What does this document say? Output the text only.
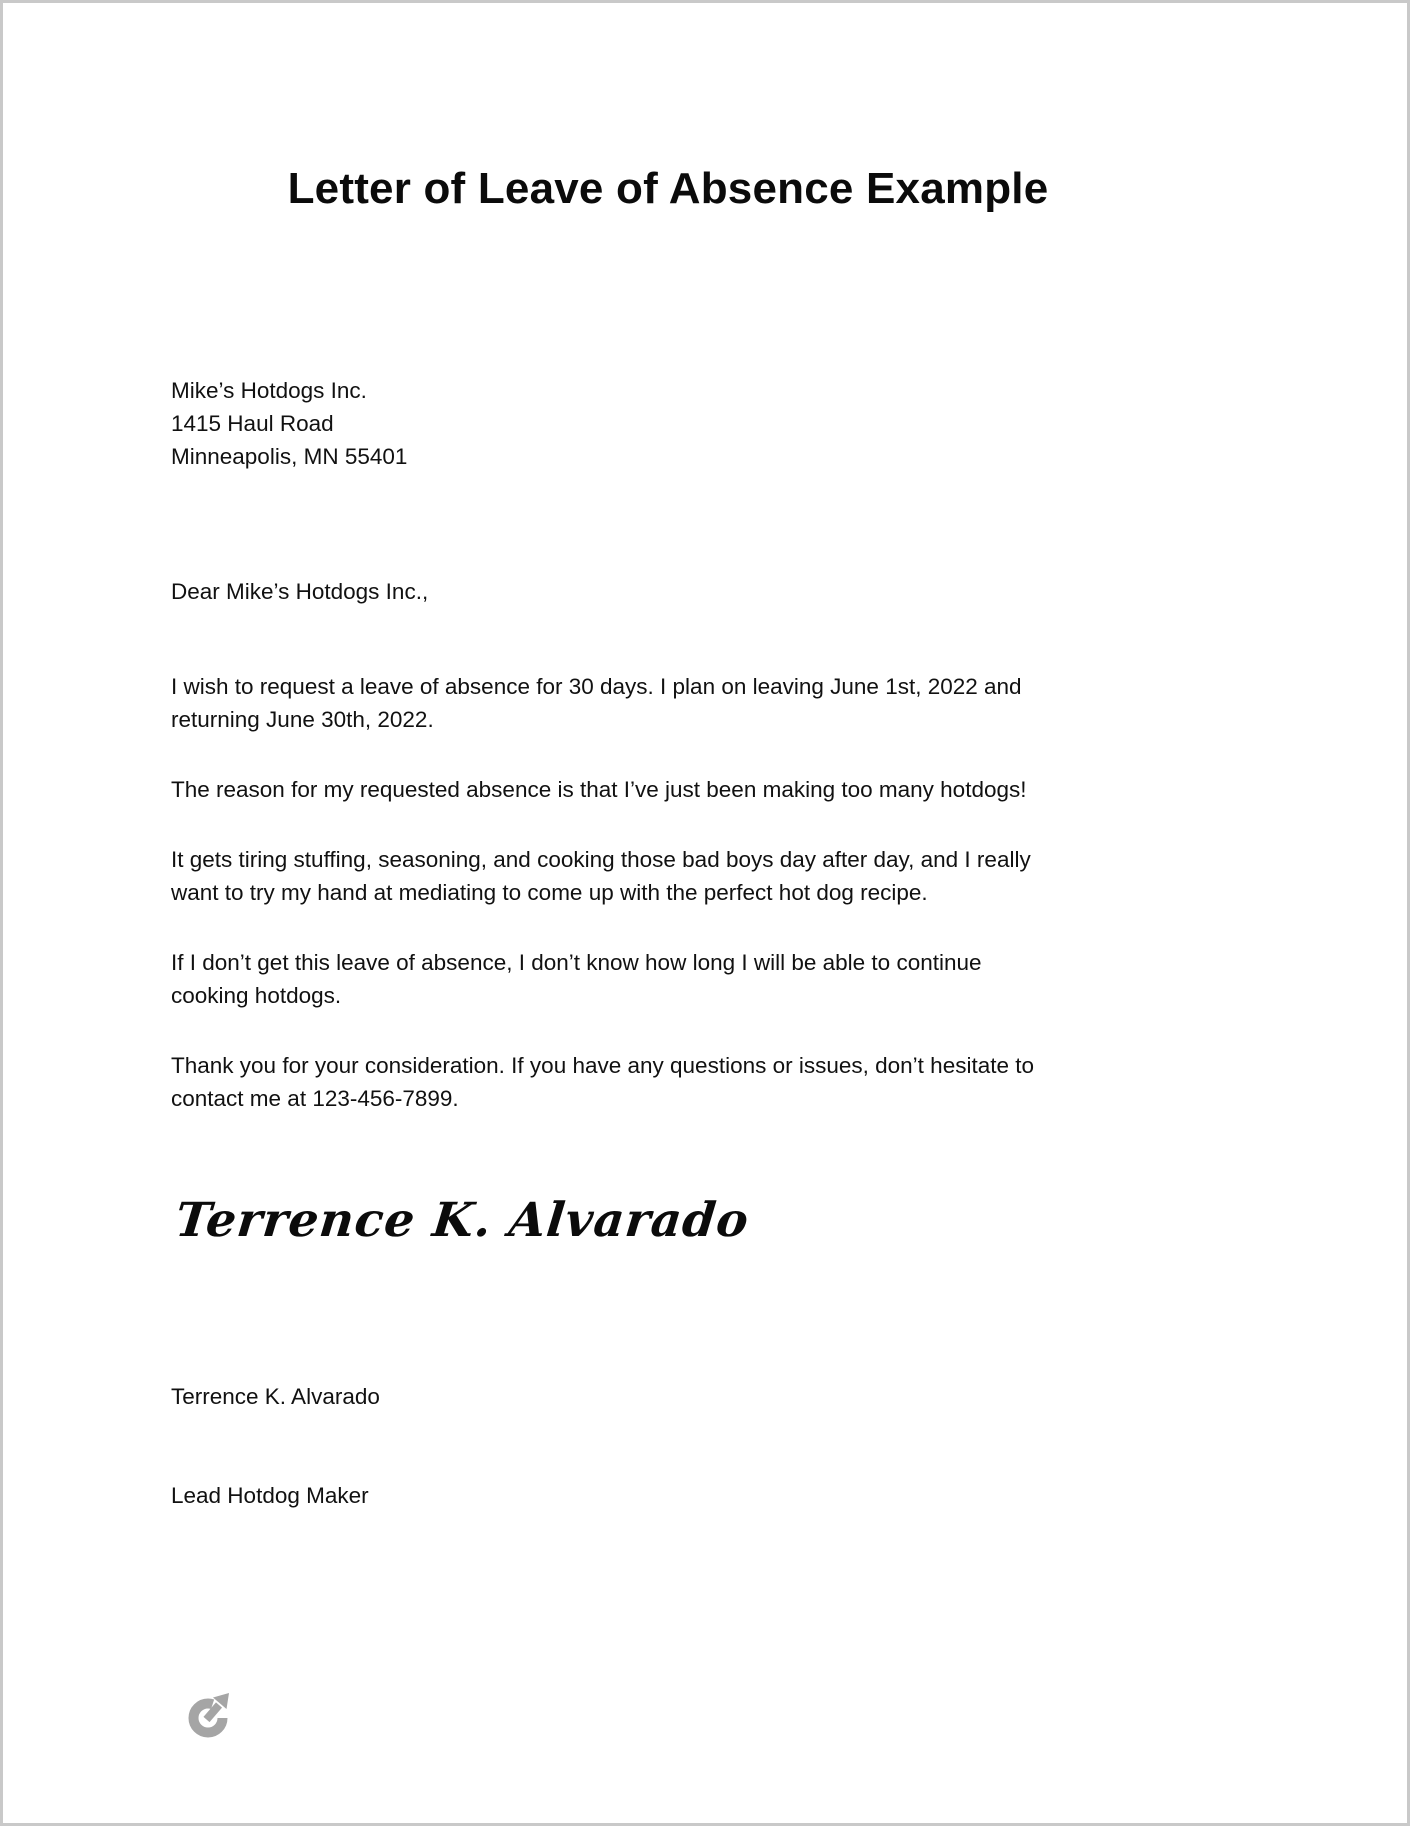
Letter of Leave of Absence Example
Mike’s Hotdogs Inc.
1415 Haul Road
Minneapolis, MN 55401
Dear Mike’s Hotdogs Inc.,

I wish to request a leave of absence for 30 days. I plan on leaving June 1st, 2022 and
returning June 30th, 2022.

The reason for my requested absence is that I’ve just been making too many hotdogs!

It gets tiring stuffing, seasoning, and cooking those bad boys day after day, and I really
want to try my hand at mediating to come up with the perfect hot dog recipe.

If I don’t get this leave of absence, I don’t know how long I will be able to continue
cooking hotdogs.

Thank you for your consideration. If you have any questions or issues, don’t hesitate to
contact me at 123-456-7899.

Terrence K. Alvarado

Terrence K. Alvarado

Lead Hotdog Maker
